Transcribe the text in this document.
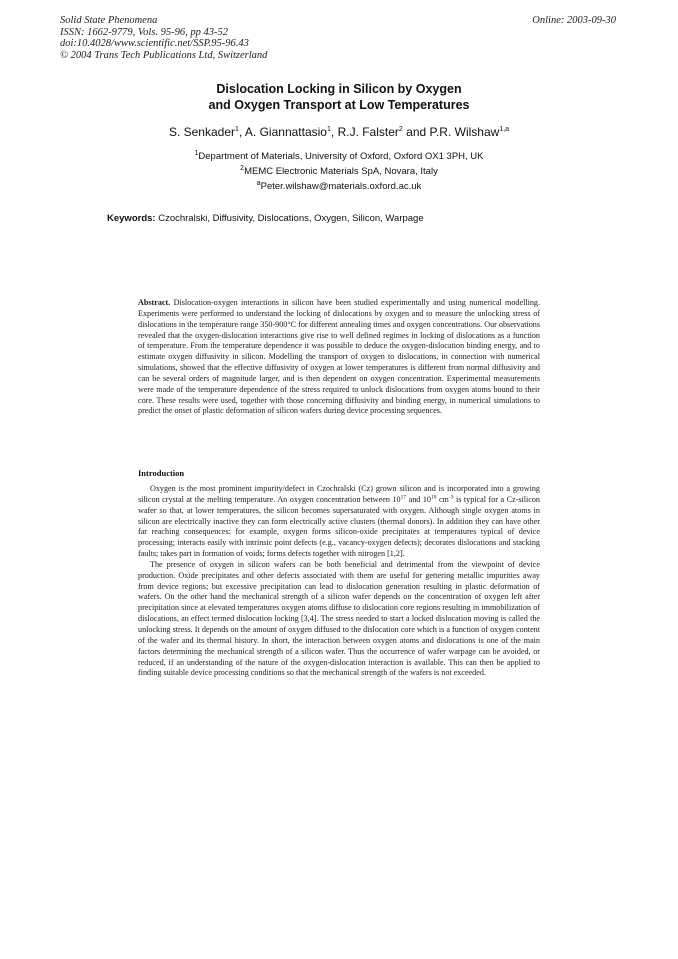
Solid State Phenomena
ISSN: 1662-9779, Vols. 95-96, pp 43-52
doi:10.4028/www.scientific.net/SSP.95-96.43
© 2004 Trans Tech Publications Ltd, Switzerland
Online: 2003-09-30
Dislocation Locking in Silicon by Oxygen
and Oxygen Transport at Low Temperatures
S. Senkader$^1$, A. Giannattasio$^1$, R.J. Falster$^2$ and P.R. Wilshaw$^{1,a}$
$^1$Department of Materials, University of Oxford, Oxford OX1 3PH, UK
$^2$MEMC Electronic Materials SpA, Novara, Italy
$^a$Peter.wilshaw@materials.oxford.ac.uk
Keywords: Czochralski, Diffusivity, Dislocations, Oxygen, Silicon, Warpage
Abstract. Dislocation-oxygen interactions in silicon have been studied experimentally and using numerical modelling. Experiments were performed to understand the locking of dislocations by oxygen and to measure the unlocking stress of dislocations in the temperature range 350-900°C for different annealing times and oxygen concentrations. Our observations revealed that the oxygen-dislocation interactions give rise to well defined regimes in locking of dislocations as a function of temperature. From the temperature dependence it was possible to deduce the oxygen-dislocation binding energy, and to estimate oxygen diffusivity in silicon. Modelling the transport of oxygen to dislocations, in connection with numerical simulations, showed that the effective diffusivity of oxygen at lower temperatures is different from normal diffusivity and can be several orders of magnitude larger, and is then dependent on oxygen concentration. Experimental measurements were made of the temperature dependence of the stress required to unlock dislocations from oxygen atoms bound to their core. These results were used, together with those concerning diffusivity and binding energy, in numerical simulations to predict the onset of plastic deformation of silicon wafers during device processing sequences.
Introduction

Oxygen is the most prominent impurity/defect in Czochralski (Cz) grown silicon and is incorporated into a growing silicon crystal at the melting temperature. An oxygen concentration between $10^{17}$ and $10^{18}$ $cm^{-3}$ is typical for a Cz-silicon wafer so that, at lower temperatures, the silicon becomes supersaturated with oxygen. Although single oxygen atoms in silicon are electrically inactive they can form electrically active clusters (thermal donors). In addition they can have other far reaching consequences: for example, oxygen forms silicon-oxide precipitates at temperatures typical of device processing; interacts easily with intrinsic point defects (e.g., vacancy-oxygen defects); decorates dislocations and stacking faults; takes part in formation of voids; forms defects together with nitrogen [1,2].

The presence of oxygen in silicon wafers can be both beneficial and detrimental from the viewpoint of device production. Oxide precipitates and other defects associated with them are useful for gettering metallic impurities away from device regions; but excessive precipitation can lead to dislocation generation resulting in plastic deformation of wafers. On the other hand the mechanical strength of a silicon wafer depends on the concentration of oxygen left after precipitation since at elevated temperatures oxygen atoms diffuse to dislocation core regions resulting in immobilization of dislocations, an effect termed dislocation locking [3,4]. The stress needed to start a locked dislocation moving is called the unlocking stress. It depends on the amount of oxygen diffused to the dislocation core which is a function of oxygen content of the wafer and its thermal history. In short, the interaction between oxygen atoms and dislocations is one of the main factors determining the mechanical strength of a silicon wafer. Thus the occurrence of wafer warpage can be avoided, or reduced, if an understanding of the nature of the oxygen-dislocation interaction is available. This can then be applied to finding suitable device processing conditions so that the mechanical strength of the wafers is not exceeded.
